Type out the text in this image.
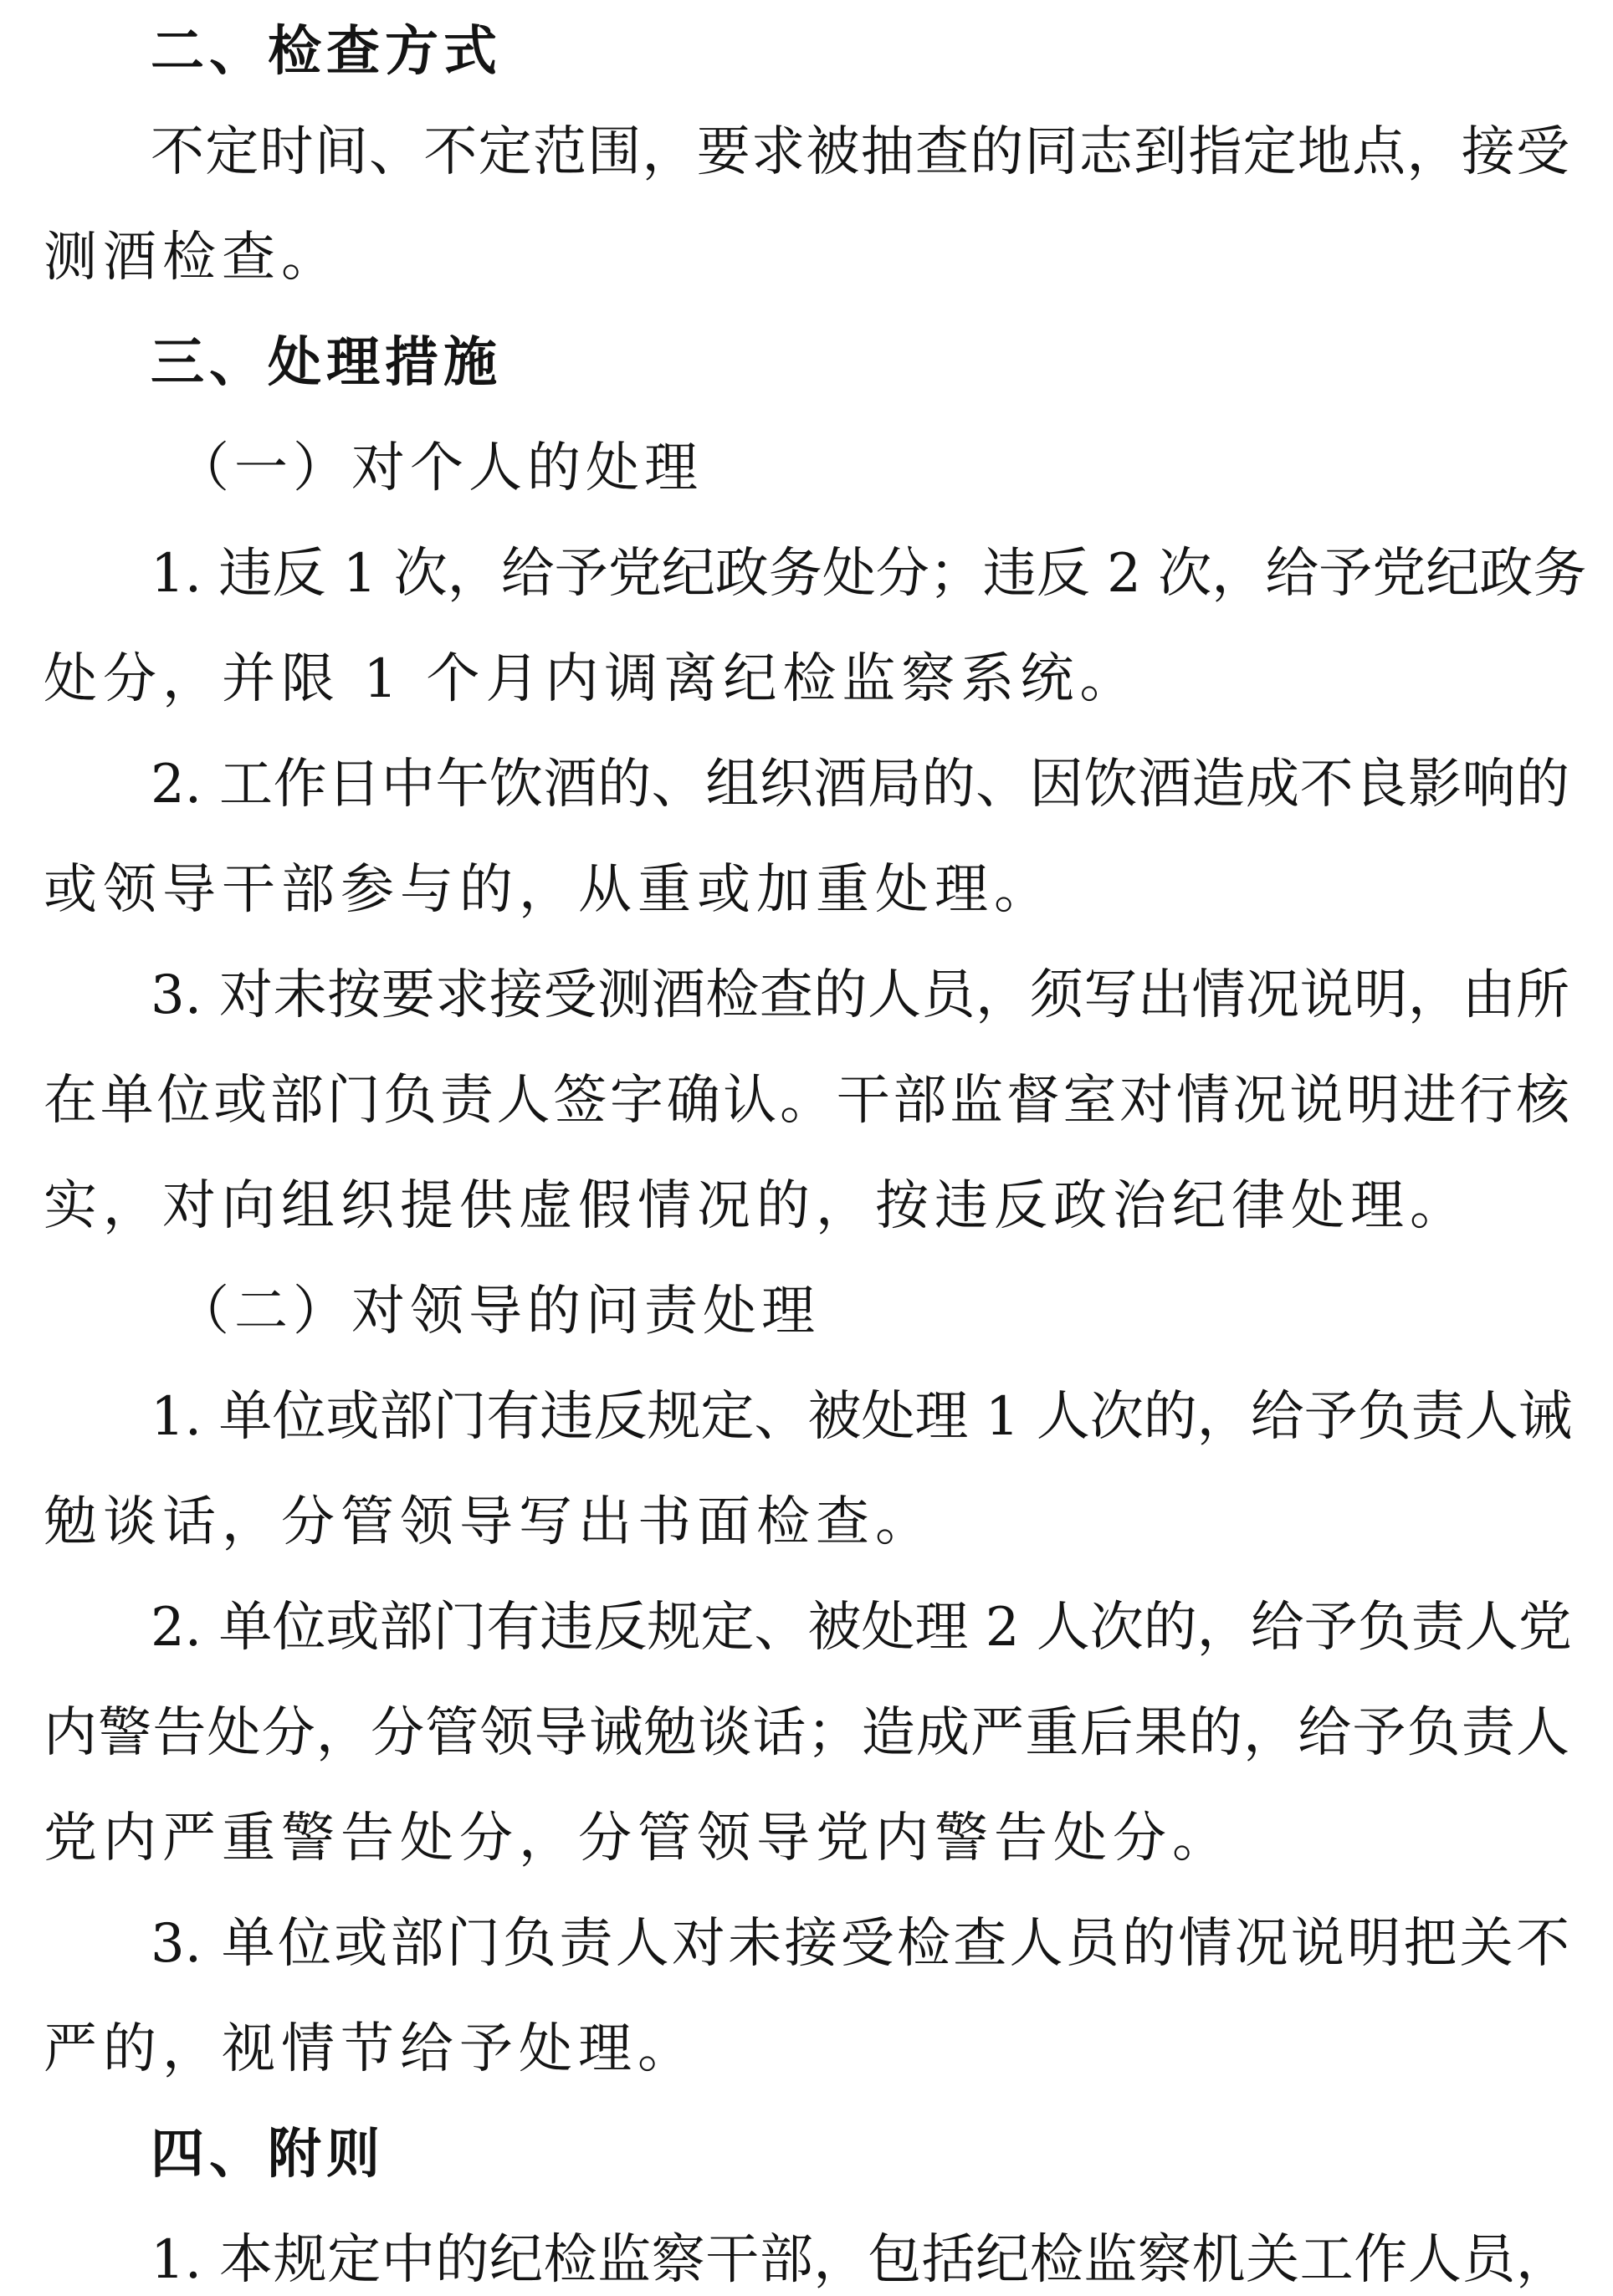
二、检查方式
不定时间、不定范围，要求被抽查的同志到指定地点，接受
测酒检查。
三、处理措施
（一）对个人的处理
1. 违反 1 次，给予党纪政务处分；违反 2 次，给予党纪政务
处分，并限 1 个月内调离纪检监察系统。
2. 工作日中午饮酒的、组织酒局的、因饮酒造成不良影响的
或领导干部参与的，从重或加重处理。
3. 对未按要求接受测酒检查的人员，须写出情况说明，由所
在单位或部门负责人签字确认。干部监督室对情况说明进行核
实，对向组织提供虚假情况的，按违反政治纪律处理。
（二）对领导的问责处理
1. 单位或部门有违反规定、被处理 1 人次的，给予负责人诫
勉谈话，分管领导写出书面检查。
2. 单位或部门有违反规定、被处理 2 人次的，给予负责人党
内警告处分，分管领导诫勉谈话；造成严重后果的，给予负责人
党内严重警告处分，分管领导党内警告处分。
3. 单位或部门负责人对未接受检查人员的情况说明把关不
严的，视情节给予处理。
四、附则
1. 本规定中的纪检监察干部，包括纪检监察机关工作人员，
